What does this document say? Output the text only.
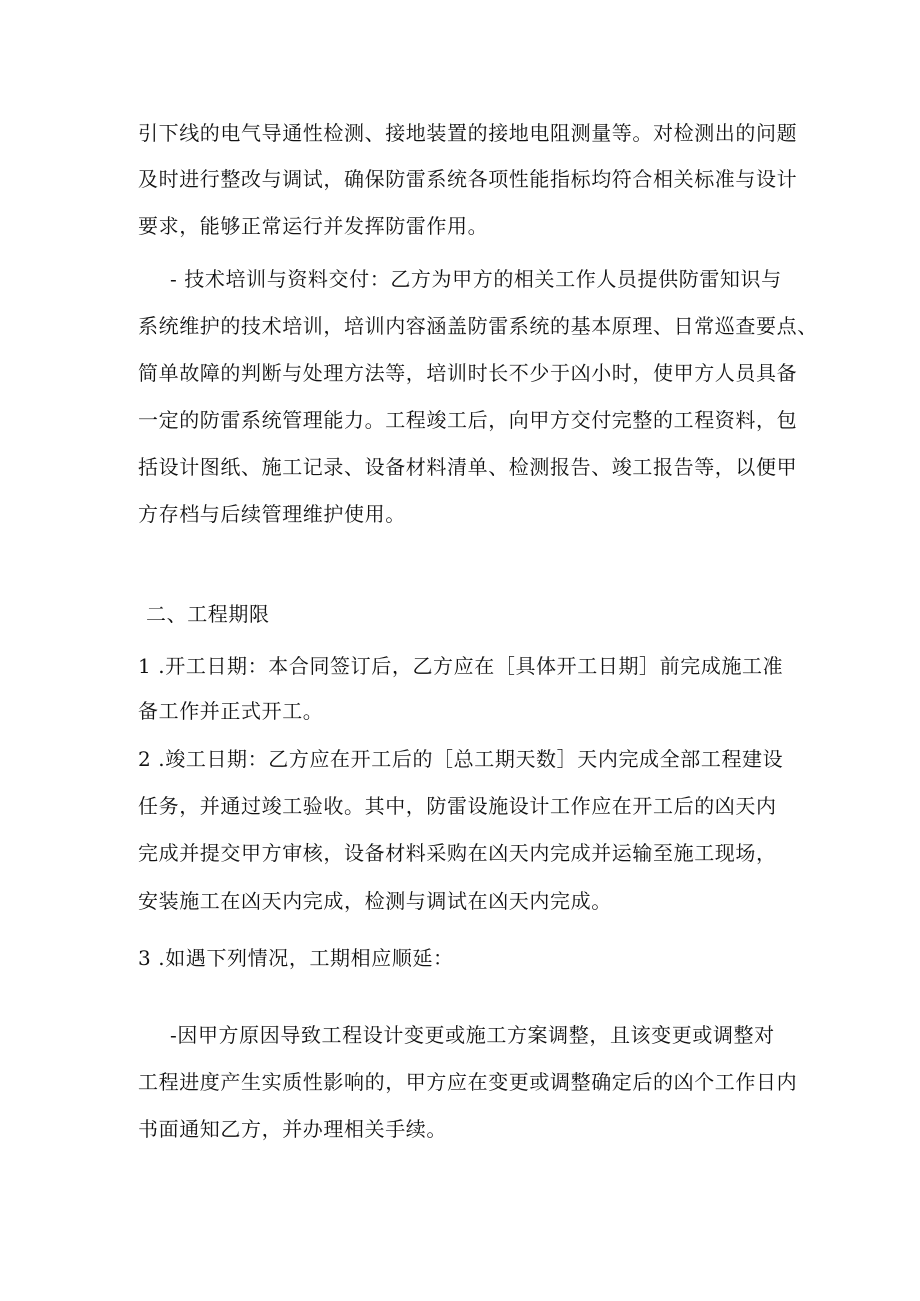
引下线的电气导通性检测、接地装置的接地电阻测量等。对检测出的问题
及时进行整改与调试，确保防雷系统各项性能指标均符合相关标准与设计
要求，能够正常运行并发挥防雷作用。
- 技术培训与资料交付：乙方为甲方的相关工作人员提供防雷知识与
系统维护的技术培训，培训内容涵盖防雷系统的基本原理、日常巡查要点、
简单故障的判断与处理方法等，培训时长不少于凶小时，使甲方人员具备
一定的防雷系统管理能力。工程竣工后，向甲方交付完整的工程资料，包
括设计图纸、施工记录、设备材料清单、检测报告、竣工报告等，以便甲
方存档与后续管理维护使用。
二、工程期限
1 .开工日期：本合同签订后，乙方应在［具体开工日期］前完成施工准
备工作并正式开工。
2 .竣工日期：乙方应在开工后的［总工期天数］天内完成全部工程建设
任务，并通过竣工验收。其中，防雷设施设计工作应在开工后的凶天内
完成并提交甲方审核，设备材料采购在凶天内完成并运输至施工现场，
安装施工在凶天内完成，检测与调试在凶天内完成。
3 .如遇下列情况，工期相应顺延：
-因甲方原因导致工程设计变更或施工方案调整，且该变更或调整对
工程进度产生实质性影响的，甲方应在变更或调整确定后的凶个工作日内
书面通知乙方，并办理相关手续。
